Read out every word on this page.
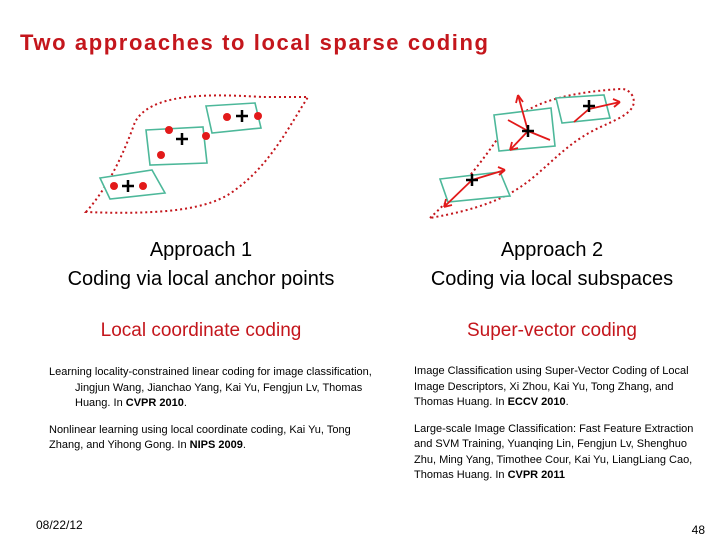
Two approaches to local sparse coding
Approach 1
Coding via local anchor points
Local coordinate coding
Learning locality-constrained linear coding for image classification, Jingjun Wang, Jianchao Yang, Kai Yu, Fengjun Lv, Thomas Huang. In CVPR 2010.
Nonlinear learning using local coordinate coding, Kai Yu, Tong Zhang, and Yihong Gong. In NIPS 2009.
Approach 2
Coding via local subspaces
Super-vector coding
Image Classification using Super-Vector Coding of Local Image Descriptors, Xi Zhou, Kai Yu, Tong Zhang, and Thomas Huang. In ECCV 2010.
Large-scale Image Classification: Fast Feature Extraction and SVM Training, Yuanqing Lin, Fengjun Lv, Shenghuo Zhu, Ming Yang, Timothee Cour, Kai Yu, LiangLiang Cao, Thomas Huang. In CVPR 2011
08/22/12	48
